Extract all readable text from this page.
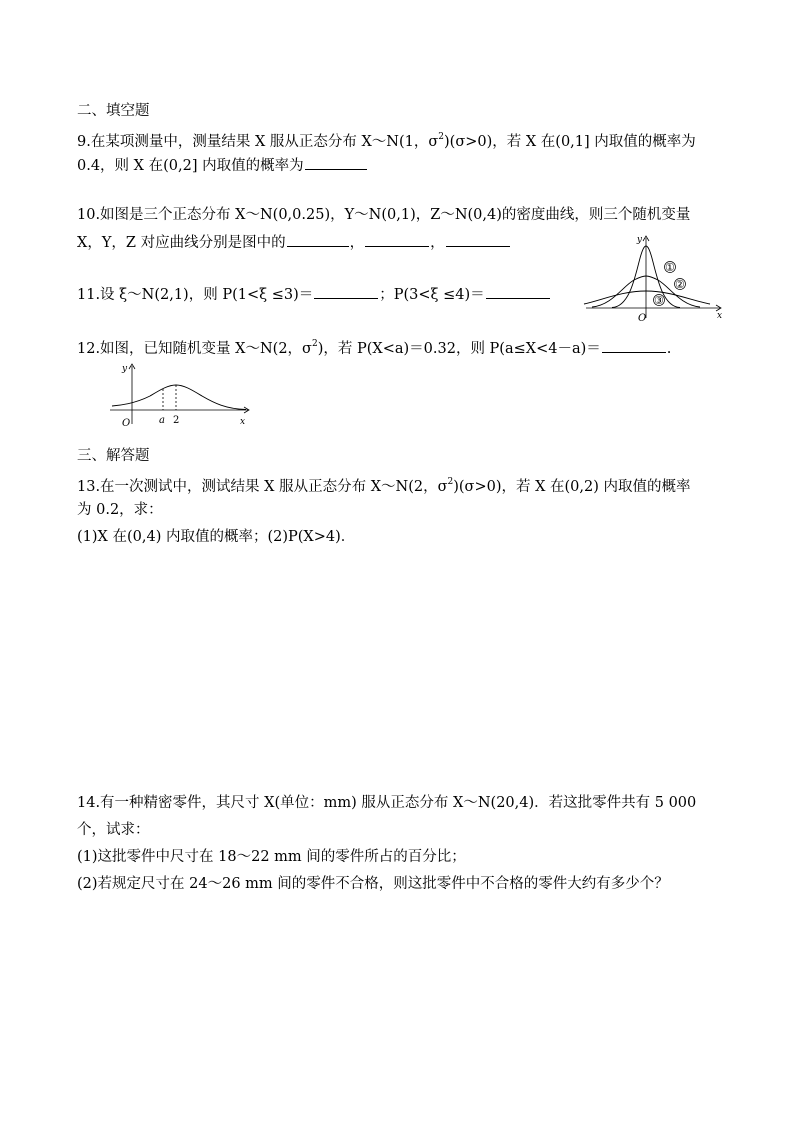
二、填空题
9.在某项测量中，测量结果 X 服从正态分布 X～N(1，$\sigma^2)(\sigma>0)$，若 X 在(0,1] 内取值的概率为
0.4，则 X 在(0,2] 内取值的概率为
10.如图是三个正态分布 X～N(0,0.25)，Y～N(0,1)，Z～N(0,4)的密度曲线，则三个随机变量
X，Y，Z 对应曲线分别是图中的	，	，
11.设 ξ～N(2,1)，则 P(1<ξ ≤3)＝	；P(3<ξ ≤4)＝
y
x
O
①
②
③
12.如图，已知随机变量 X～N(2，$\sigma^2$)，若 P(X<a)＝0.32，则 P(a≤X<4－a)＝	.
y
x
O	a 2
三、解答题
13.在一次测试中，测试结果 X 服从正态分布 X～N(2，$\sigma^2)(\sigma>0)$，若 X 在(0,2) 内取值的概率
为 0.2，求：
(1)X 在(0,4) 内取值的概率；(2)P(X>4)．
14.有一种精密零件，其尺寸 X(单位：mm) 服从正态分布 X～N(20,4)．若这批零件共有 5 000
个，试求：
(1)这批零件中尺寸在 18～22 mm 间的零件所占的百分比；
(2)若规定尺寸在 24～26 mm 间的零件不合格，则这批零件中不合格的零件大约有多少个？
